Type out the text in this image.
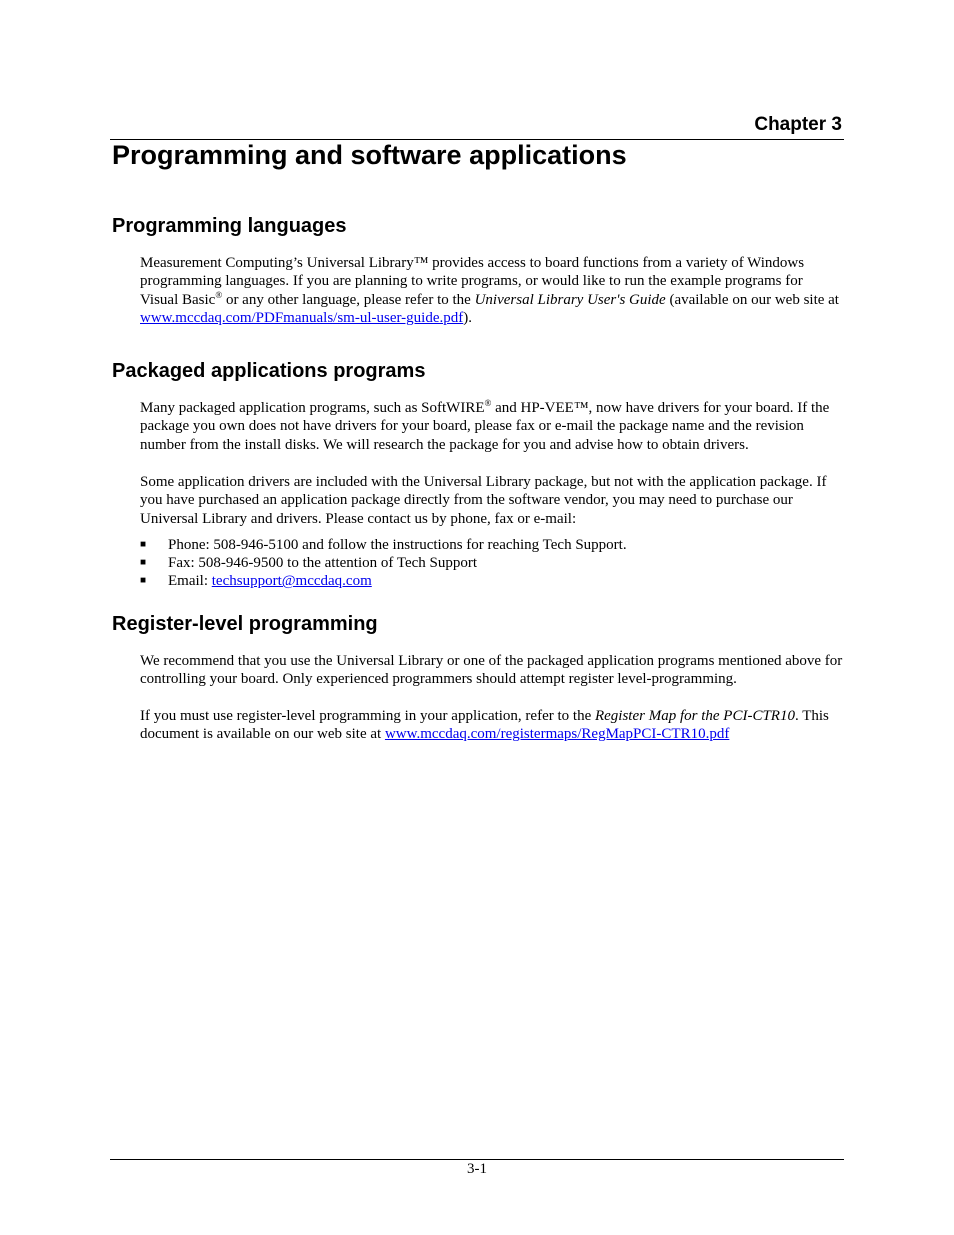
Chapter 3

Programming and software applications
Programming languages

Measurement Computing’s Universal Library™ provides access to board functions from a variety of Windows programming languages. If you are planning to write programs, or would like to run the example programs for Visual Basic® or any other language, please refer to the Universal Library User's Guide (available on our web site at www.mccdaq.com/PDFmanuals/sm-ul-user-guide.pdf).

Packaged applications programs

Many packaged application programs, such as SoftWIRE® and HP-VEE™, now have drivers for your board. If the package you own does not have drivers for your board, please fax or e-mail the package name and the revision number from the install disks. We will research the package for you and advise how to obtain drivers.

Some application drivers are included with the Universal Library package, but not with the application package. If you have purchased an application package directly from the software vendor, you may need to purchase our Universal Library and drivers. Please contact us by phone, fax or e-mail:

■ Phone: 508-946-5100 and follow the instructions for reaching Tech Support.
■ Fax: 508-946-9500 to the attention of Tech Support
■ Email: techsupport@mccdaq.com
Register-level programming

We recommend that you use the Universal Library or one of the packaged application programs mentioned above for controlling your board. Only experienced programmers should attempt register level-programming.

If you must use register-level programming in your application, refer to the Register Map for the PCI-CTR10. This document is available on our web site at www.mccdaq.com/registermaps/RegMapPCI-CTR10.pdf

3-1
